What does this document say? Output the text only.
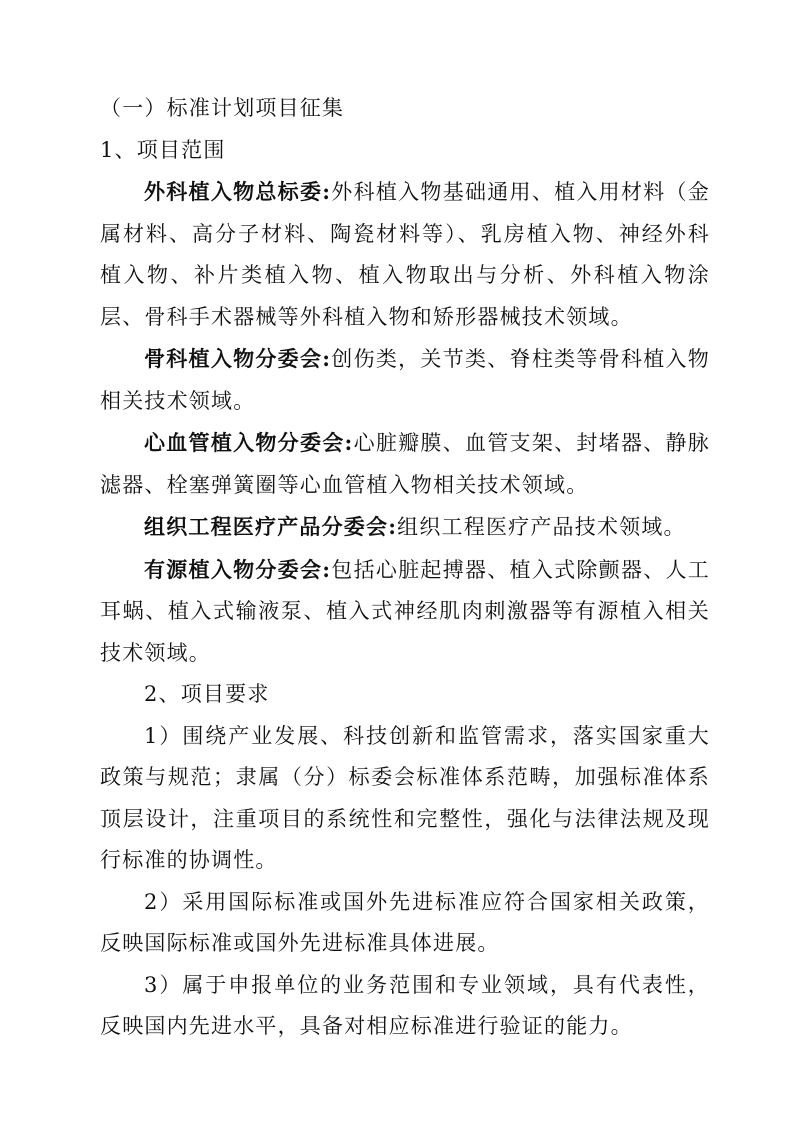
（一）标准计划项目征集

1、项目范围

外科植入物总标委:外科植入物基础通用、植入用材料（金属材料、高分子材料、陶瓷材料等）、乳房植入物、神经外科植入物、补片类植入物、植入物取出与分析、外科植入物涂层、骨科手术器械等外科植入物和矫形器械技术领域。

骨科植入物分委会:创伤类，关节类、脊柱类等骨科植入物相关技术领域。

心血管植入物分委会:心脏瓣膜、血管支架、封堵器、静脉滤器、栓塞弹簧圈等心血管植入物相关技术领域。

组织工程医疗产品分委会:组织工程医疗产品技术领域。

有源植入物分委会:包括心脏起搏器、植入式除颤器、人工耳蜗、植入式输液泵、植入式神经肌肉刺激器等有源植入相关技术领域。

2、项目要求

1）围绕产业发展、科技创新和监管需求，落实国家重大政策与规范；隶属（分）标委会标准体系范畴，加强标准体系顶层设计，注重项目的系统性和完整性，强化与法律法规及现行标准的协调性。

2）采用国际标准或国外先进标准应符合国家相关政策，反映国际标准或国外先进标准具体进展。

3）属于申报单位的业务范围和专业领域，具有代表性，反映国内先进水平，具备对相应标准进行验证的能力。
